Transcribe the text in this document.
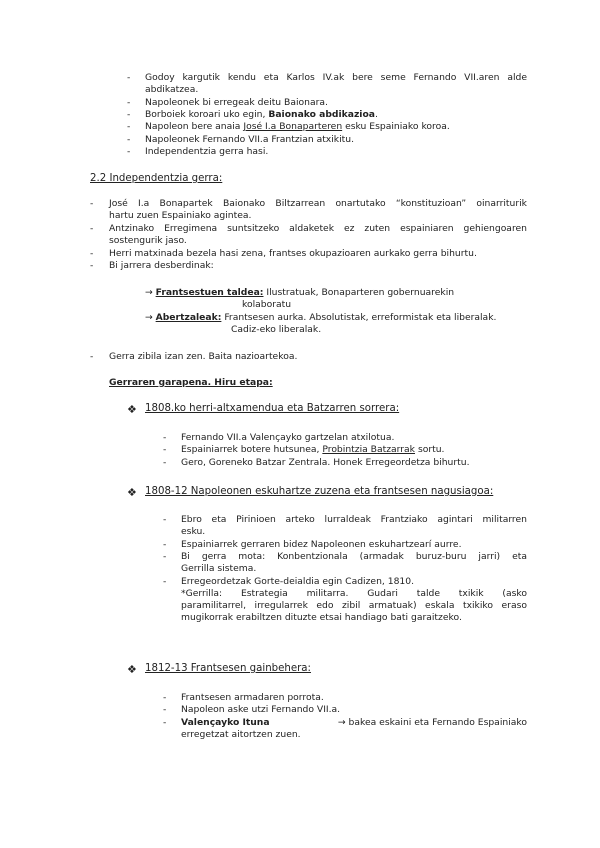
- Godoy kargutik kendu eta Karlos IV.ak bere seme Fernando VII.aren alde
abdikatzea.
- Napoleonek bi erregeak deitu Baionara.
- Borboiek koroari uko egin, Baionako abdikazioa.
- Napoleon bere anaia José I.a Bonaparteren esku Espainiako koroa.
- Napoleonek Fernando VII.a Frantzian atxikitu.
- Independentzia gerra hasi.
2.2 Independentzia gerra:
- José I.a Bonapartek Baionako Biltzarrean onartutako “konstituzioan” oinarriturik
hartu zuen Espainiako agintea.
- Antzinako Erregimena suntsitzeko aldaketek ez zuten espainiaren gehiengoaren
sostengurik jaso.
- Herri matxinada bezela hasi zena, frantses okupazioaren aurkako gerra bihurtu.
- Bi jarrera desberdinak:
→ Frantsestuen taldea: Ilustratuak, Bonaparteren gobernuarekin
kolaboratu
→ Abertzaleak: Frantsesen aurka. Absolutistak, erreformistak eta liberalak.
Cadiz-eko liberalak.
- Gerra zibila izan zen. Baita nazioartekoa.
Gerraren garapena. Hiru etapa:
❖ 1808.ko herri-altxamendua eta Batzarren sorrera:
- Fernando VII.a Valençayko gartzelan atxilotua.
- Espainiarrek botere hutsunea, Probintzia Batzarrak sortu.
- Gero, Goreneko Batzar Zentrala. Honek Erregeordetza bihurtu.
❖ 1808-12 Napoleonen eskuhartze zuzena eta frantsesen nagusiagoa:
- Ebro eta Pirinioen arteko lurraldeak Frantziako agintari militarren
esku.
- Espainiarrek gerraren bidez Napoleonen eskuhartzearí aurre.
- Bi gerra mota: Konbentzionala (armadak buruz-buru jarri) eta
Gerrilla sistema.
- Erregeordetzak Gorte-deialdia egin Cadizen, 1810.
*Gerrilla: Estrategia militarra. Gudari talde txikik (asko
paramilitarrel, irregularrek edo zibil armatuak) eskala txikiko eraso
mugikorrak erabiltzen dituzte etsai handiago bati garaitzeko.
❖ 1812-13 Frantsesen gainbehera:
- Frantsesen armadaren porrota.
- Napoleon aske utzi Fernando VII.a.
- Valençayko Ituna	→ bakea eskaini eta Fernando Espainiako
erregetzat aitortzen zuen.
